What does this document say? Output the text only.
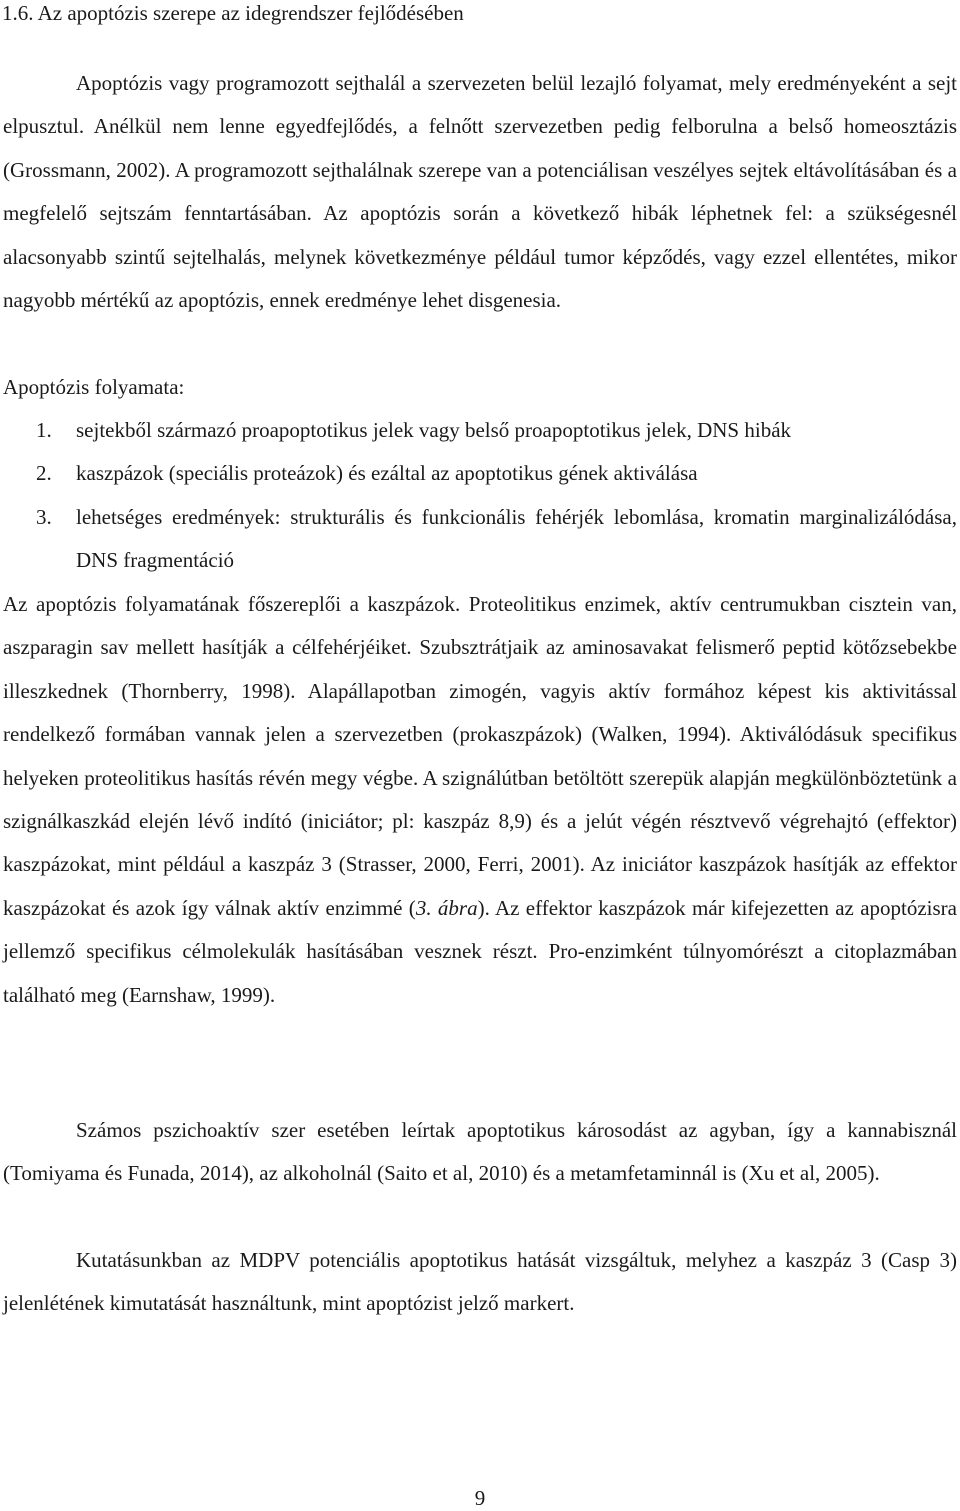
1.6. Az apoptózis szerepe az idegrendszer fejlődésében

Apoptózis vagy programozott sejthalál a szervezeten belül lezajló folyamat, mely eredményeként a sejt elpusztul. Anélkül nem lenne egyedfejlődés, a felnőtt szervezetben pedig felborulna a belső homeosztázis (Grossmann, 2002). A programozott sejthalálnak szerepe van a potenciálisan veszélyes sejtek eltávolításában és a megfelelő sejtszám fenntartásában. Az apoptózis során a következő hibák léphetnek fel: a szükségesnél alacsonyabb szintű sejtelhalás, melynek következménye például tumor képződés, vagy ezzel ellentétes, mikor nagyobb mértékű az apoptózis, ennek eredménye lehet disgenesia.

Apoptózis folyamata:
1. sejtekből származó proapoptotikus jelek vagy belső proapoptotikus jelek, DNS hibák
2. kaszpázok (speciális proteázok) és ezáltal az apoptotikus gének aktiválása
3. lehetséges eredmények: strukturális és funkcionális fehérjék lebomlása, kromatin marginalizálódása, DNS fragmentáció

Az apoptózis folyamatának főszereplői a kaszpázok. Proteolitikus enzimek, aktív centrumukban cisztein van, aszparagin sav mellett hasítják a célfehérjéiket. Szubsztrátjaik az aminosavakat felismerő peptid kötőzsebekbe illeszkednek (Thornberry, 1998). Alapállapotban zimogén, vagyis aktív formához képest kis aktivitással rendelkező formában vannak jelen a szervezetben (prokaszpázok) (Walken, 1994). Aktiválódásuk specifikus helyeken proteolitikus hasítás révén megy végbe. A szignálútban betöltött szerepük alapján megkülönböztetünk a szignálkaszkád elején lévő indító (iniciátor; pl: kaszpáz 8,9) és a jelút végén résztvevő végrehajtó (effektor) kaszpázokat, mint például a kaszpáz 3 (Strasser, 2000, Ferri, 2001). Az iniciátor kaszpázok hasítják az effektor kaszpázokat és azok így válnak aktív enzimmé (3. ábra). Az effektor kaszpázok már kifejezetten az apoptózisra jellemző specifikus célmolekulák hasításában vesznek részt. Pro-enzimként túlnyomórészt a citoplazmában található meg (Earnshaw, 1999).

Számos pszichoaktív szer esetében leírtak apoptotikus károsodást az agyban, így a kannabisznál (Tomiyama és Funada, 2014), az alkoholnál (Saito et al, 2010) és a metamfetaminnál is (Xu et al, 2005).

Kutatásunkban az MDPV potenciális apoptotikus hatását vizsgáltuk, melyhez a kaszpáz 3 (Casp 3) jelenlétének kimutatását használtunk, mint apoptózist jelző markert.

9
